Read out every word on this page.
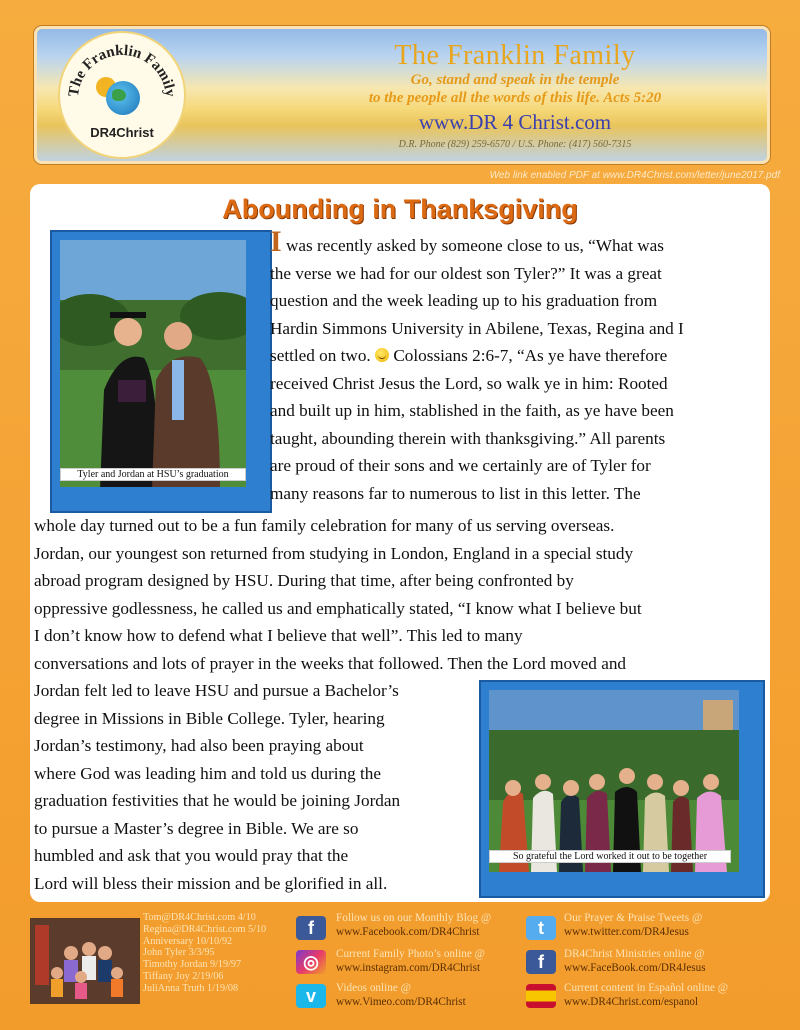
The Franklin Family
DR4Christ
The Franklin Family
Go, stand and speak in the temple
to the people all the words of this life. Acts 5:20
www.DR 4 Christ.com
D.R. Phone (829) 259-6570 / U.S. Phone: (417) 560-7315
Web link enabled PDF at www.DR4Christ.com/letter/june2017.pdf
Abounding in Thanksgiving
Tyler and Jordan at HSU’s graduation
So grateful the Lord worked it out to be together
I was recently asked by someone close to us, “What was
the verse we had for our oldest son Tyler?” It was a great
question and the week leading up to his graduation from
Hardin Simmons University in Abilene, Texas, Regina and I
settled on two.  Colossians 2:6-7, “As ye have therefore
received Christ Jesus the Lord, so walk ye in him: Rooted
and built up in him, stablished in the faith, as ye have been
taught, abounding therein with thanksgiving.” All parents
are proud of their sons and we certainly are of Tyler for
many reasons far to numerous to list in this letter. The
whole day turned out to be a fun family celebration for many of us serving overseas.
Jordan, our youngest son returned from studying in London, England in a special study
abroad program designed by HSU. During that time, after being confronted by
oppressive godlessness, he called us and emphatically stated, “I know what I believe but
I don’t know how to defend what I believe that well”. This led to many
conversations and lots of prayer in the weeks that followed. Then the Lord moved and
Jordan felt led to leave HSU and pursue a Bachelor’s
degree in Missions in Bible College. Tyler, hearing
Jordan’s testimony, had also been praying about
where God was leading him and told us during the
graduation festivities that he would be joining Jordan
to pursue a Master’s degree in Bible. We are so
humbled and ask that you would pray that the
Lord will bless their mission and be glorified in all.
Tom@DR4Christ.com 4/10
Regina@DR4Christ.com 5/10
Anniversary 10/10/92
John Tyler 3/3/95
Timothy Jordan 9/19/97
Tiffany Joy 2/19/06
JuliAnna Truth 1/19/08
f	Follow us on our Monthly Blog @
www.Facebook.com/DR4Christ
◎	Current Family Photo’s online @
www.instagram.com/DR4Christ
v	Videos online @
www.Vimeo.com/DR4Christ
t	Our Prayer & Praise Tweets @
www.twitter.com/DR4Jesus
f	DR4Christ Ministries online @
www.FaceBook.com/DR4Jesus
Current content in Español online @
www.DR4Christ.com/espanol
